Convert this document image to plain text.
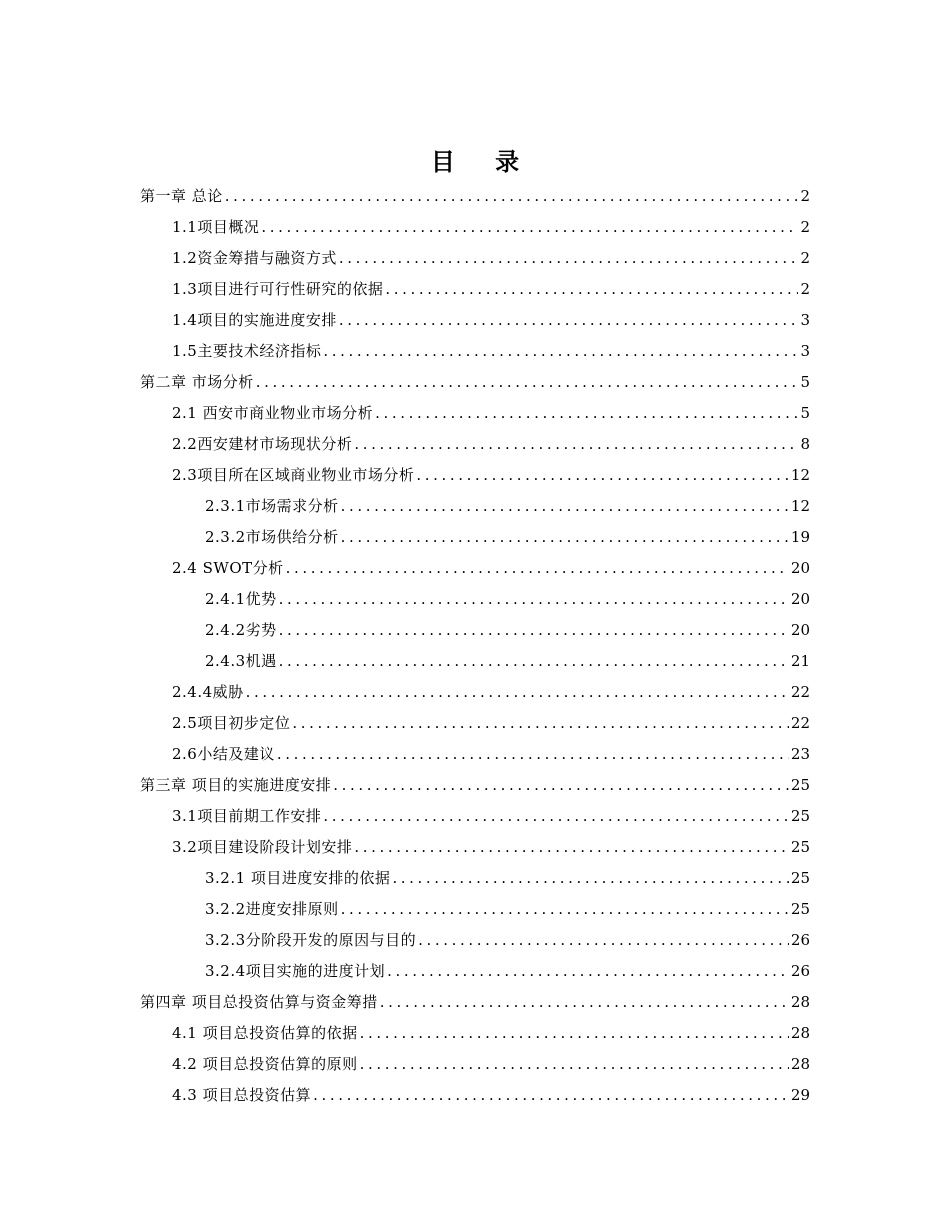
目 录
第一章 总论 .....	2
1.1项目概况 .....	2
1.2资金筹措与融资方式 .....	2
1.3项目进行可行性研究的依据 .....	2
1.4项目的实施进度安排 .....	3
1.5主要技术经济指标 .....	3
第二章 市场分析 .....	5
2.1 西安市商业物业市场分析 .....	5
2.2西安建材市场现状分析 .....	8
2.3项目所在区域商业物业市场分析 .....	12
2.3.1市场需求分析 .....	12
2.3.2市场供给分析 .....	19
2.4 SWOT分析 .....	20
2.4.1优势 .....	20
2.4.2劣势 .....	20
2.4.3机遇 .....	21
2.4.4威胁 .....	22
2.5项目初步定位 .....	22
2.6小结及建议 .....	23
第三章 项目的实施进度安排 .....	25
3.1项目前期工作安排 .....	25
3.2项目建设阶段计划安排 .....	25
3.2.1 项目进度安排的依据 .....	25
3.2.2进度安排原则 .....	25
3.2.3分阶段开发的原因与目的 .....	26
3.2.4项目实施的进度计划 .....	26
第四章 项目总投资估算与资金筹措 .....	28
4.1 项目总投资估算的依据 .....	28
4.2 项目总投资估算的原则 .....	28
4.3 项目总投资估算 .....	29
